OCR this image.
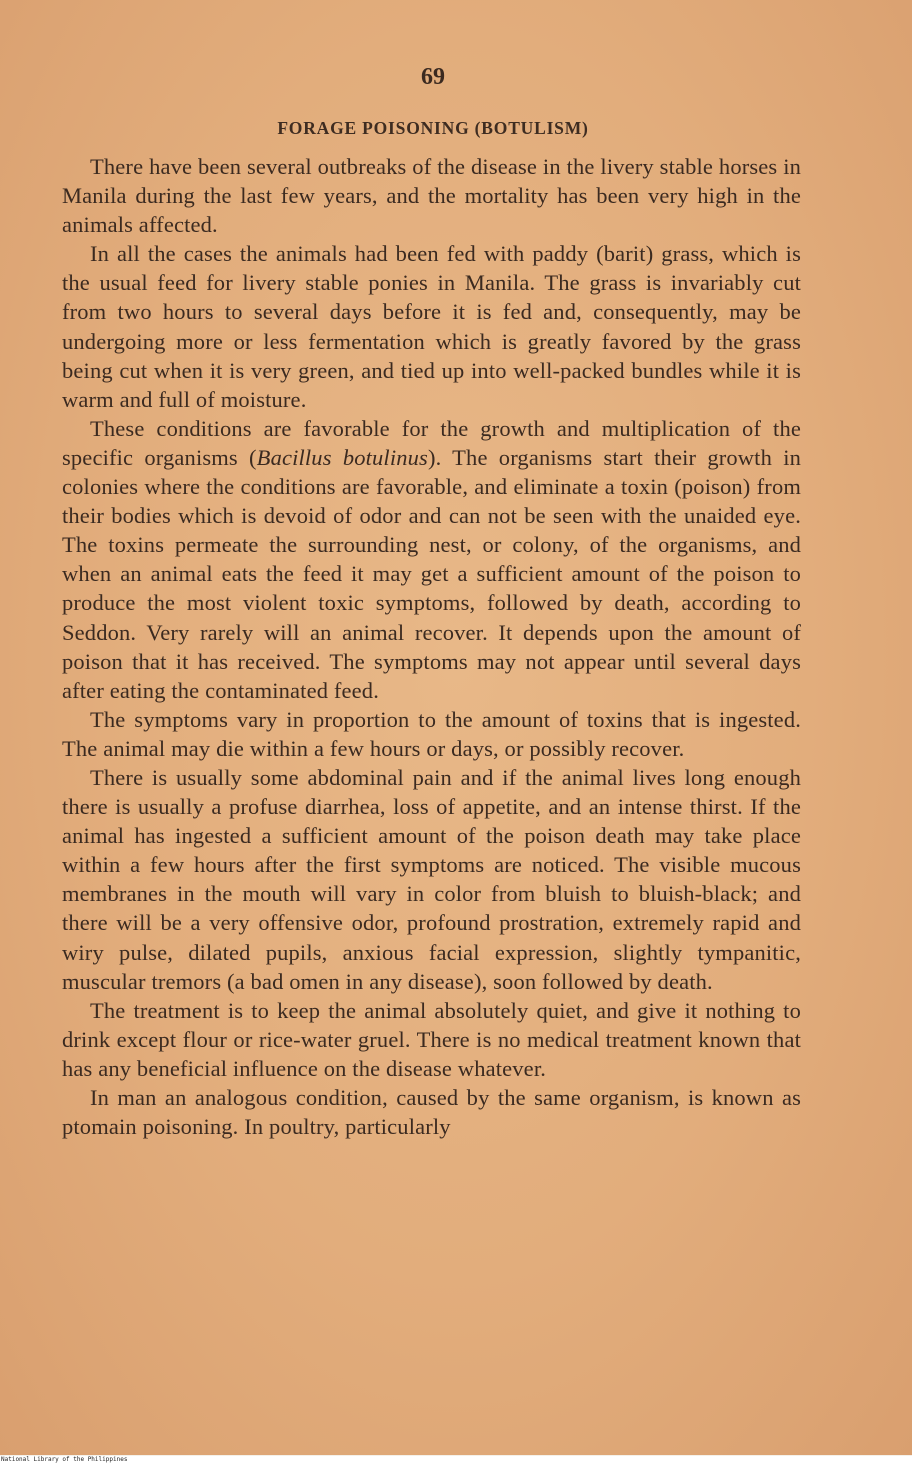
69
FORAGE POISONING (BOTULISM)

There have been several outbreaks of the disease in the livery stable horses in Manila during the last few years, and the mortality has been very high in the animals affected.

In all the cases the animals had been fed with paddy (barit) grass, which is the usual feed for livery stable ponies in Manila. The grass is invariably cut from two hours to several days before it is fed and, consequently, may be undergoing more or less fermentation which is greatly favored by the grass being cut when it is very green, and tied up into well-packed bundles while it is warm and full of moisture.

These conditions are favorable for the growth and multiplication of the specific organisms (Bacillus botulinus). The organisms start their growth in colonies where the conditions are favorable, and eliminate a toxin (poison) from their bodies which is devoid of odor and can not be seen with the unaided eye. The toxins permeate the surrounding nest, or colony, of the organisms, and when an animal eats the feed it may get a sufficient amount of the poison to produce the most violent toxic symptoms, followed by death, according to Seddon. Very rarely will an animal recover. It depends upon the amount of poison that it has received. The symptoms may not appear until several days after eating the contaminated feed.

The symptoms vary in proportion to the amount of toxins that is ingested. The animal may die within a few hours or days, or possibly recover.

There is usually some abdominal pain and if the animal lives long enough there is usually a profuse diarrhea, loss of appetite, and an intense thirst. If the animal has ingested a sufficient amount of the poison death may take place within a few hours after the first symptoms are noticed. The visible mucous membranes in the mouth will vary in color from bluish to bluish-black; and there will be a very offensive odor, profound prostration, extremely rapid and wiry pulse, dilated pupils, anxious facial expression, slightly tympanitic, muscular tremors (a bad omen in any disease), soon followed by death.

The treatment is to keep the animal absolutely quiet, and give it nothing to drink except flour or rice-water gruel. There is no medical treatment known that has any beneficial influence on the disease whatever.

In man an analogous condition, caused by the same organism, is known as ptomain poisoning. In poultry, particularly

National Library of the Philippines
